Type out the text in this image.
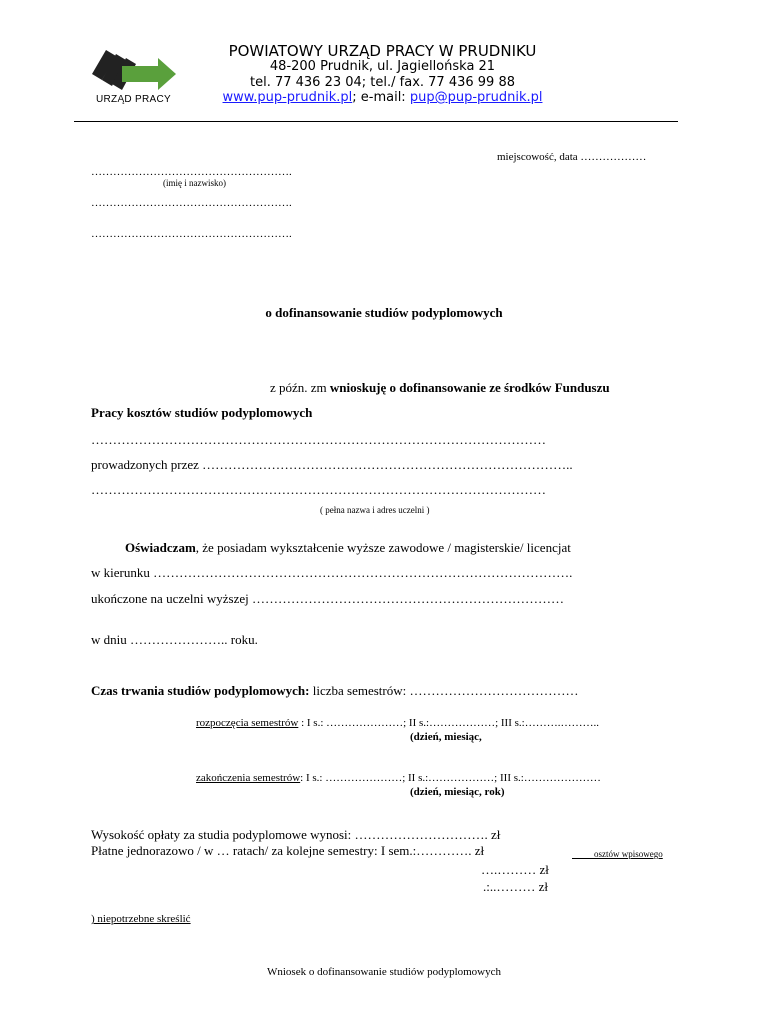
URZĄD PRACY
POWIATOWY URZĄD PRACY W PRUDNIKU
48-200 Prudnik, ul. Jagiellońska 21
tel. 77 436 23 04; tel./ fax. 77 436 99 88
www.pup-prudnik.pl; e-mail: pup@pup-prudnik.pl
miejscowość, data ………………
……………………………………………….
(imię i nazwisko)
……………………………………………….
……………………………………………….
o dofinansowanie studiów podyplomowych
z późn. zm wnioskuję o dofinansowanie ze środków Funduszu
Pracy kosztów studiów podyplomowych
……………………………………………………………………………………………
prowadzonych przez …………………………………………………………………………..
……………………………………………………………………………………………
( pełna nazwa i adres uczelni )
Oświadczam, że posiadam wykształcenie wyższe zawodowe / magisterskie/ licencjat
w kierunku …………………………………………………………………………………….
ukończone na uczelni wyższej ………………………………………………………………
w dniu ………………….. roku.
Czas trwania studiów podyplomowych: liczba semestrów: …………………………………
rozpoczęcia semestrów : I s.: …………………; II s.:………………; III s.:……….………..
(dzień, miesiąc,
zakończenia semestrów: I s.: …………………; II s.:………………; III s.:…………………
(dzień, miesiąc, rok)
Wysokość opłaty za studia podyplomowe wynosi: …………………………. zł
Płatne jednorazowo / w … ratach/ za kolejne semestry: I sem.:…………. zł	osztów wpisowego
….……… zł
.:..……… zł
) niepotrzebne skreślić
Wniosek o dofinansowanie studiów podyplomowych
